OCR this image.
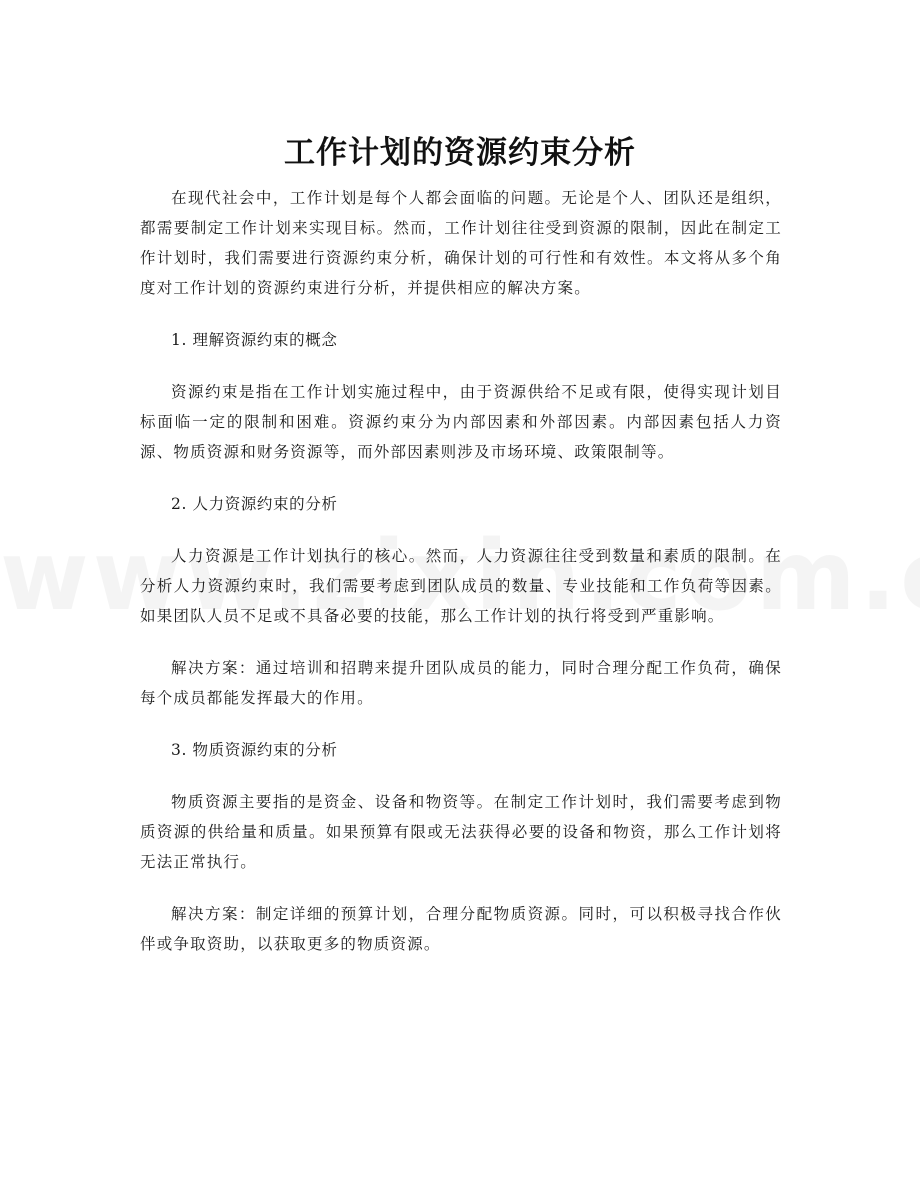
工作计划的资源约束分析

在现代社会中，工作计划是每个人都会面临的问题。无论是个人、团队还是组织，都需要制定工作计划来实现目标。然而，工作计划往往受到资源的限制，因此在制定工作计划时，我们需要进行资源约束分析，确保计划的可行性和有效性。本文将从多个角度对工作计划的资源约束进行分析，并提供相应的解决方案。

1. 理解资源约束的概念

资源约束是指在工作计划实施过程中，由于资源供给不足或有限，使得实现计划目标面临一定的限制和困难。资源约束分为内部因素和外部因素。内部因素包括人力资源、物质资源和财务资源等，而外部因素则涉及市场环境、政策限制等。

2. 人力资源约束的分析

人力资源是工作计划执行的核心。然而，人力资源往往受到数量和素质的限制。在分析人力资源约束时，我们需要考虑到团队成员的数量、专业技能和工作负荷等因素。如果团队人员不足或不具备必要的技能，那么工作计划的执行将受到严重影响。

解决方案：通过培训和招聘来提升团队成员的能力，同时合理分配工作负荷，确保每个成员都能发挥最大的作用。

3. 物质资源约束的分析

物质资源主要指的是资金、设备和物资等。在制定工作计划时，我们需要考虑到物质资源的供给量和质量。如果预算有限或无法获得必要的设备和物资，那么工作计划将无法正常执行。

解决方案：制定详细的预算计划，合理分配物质资源。同时，可以积极寻找合作伙伴或争取资助，以获取更多的物质资源。
